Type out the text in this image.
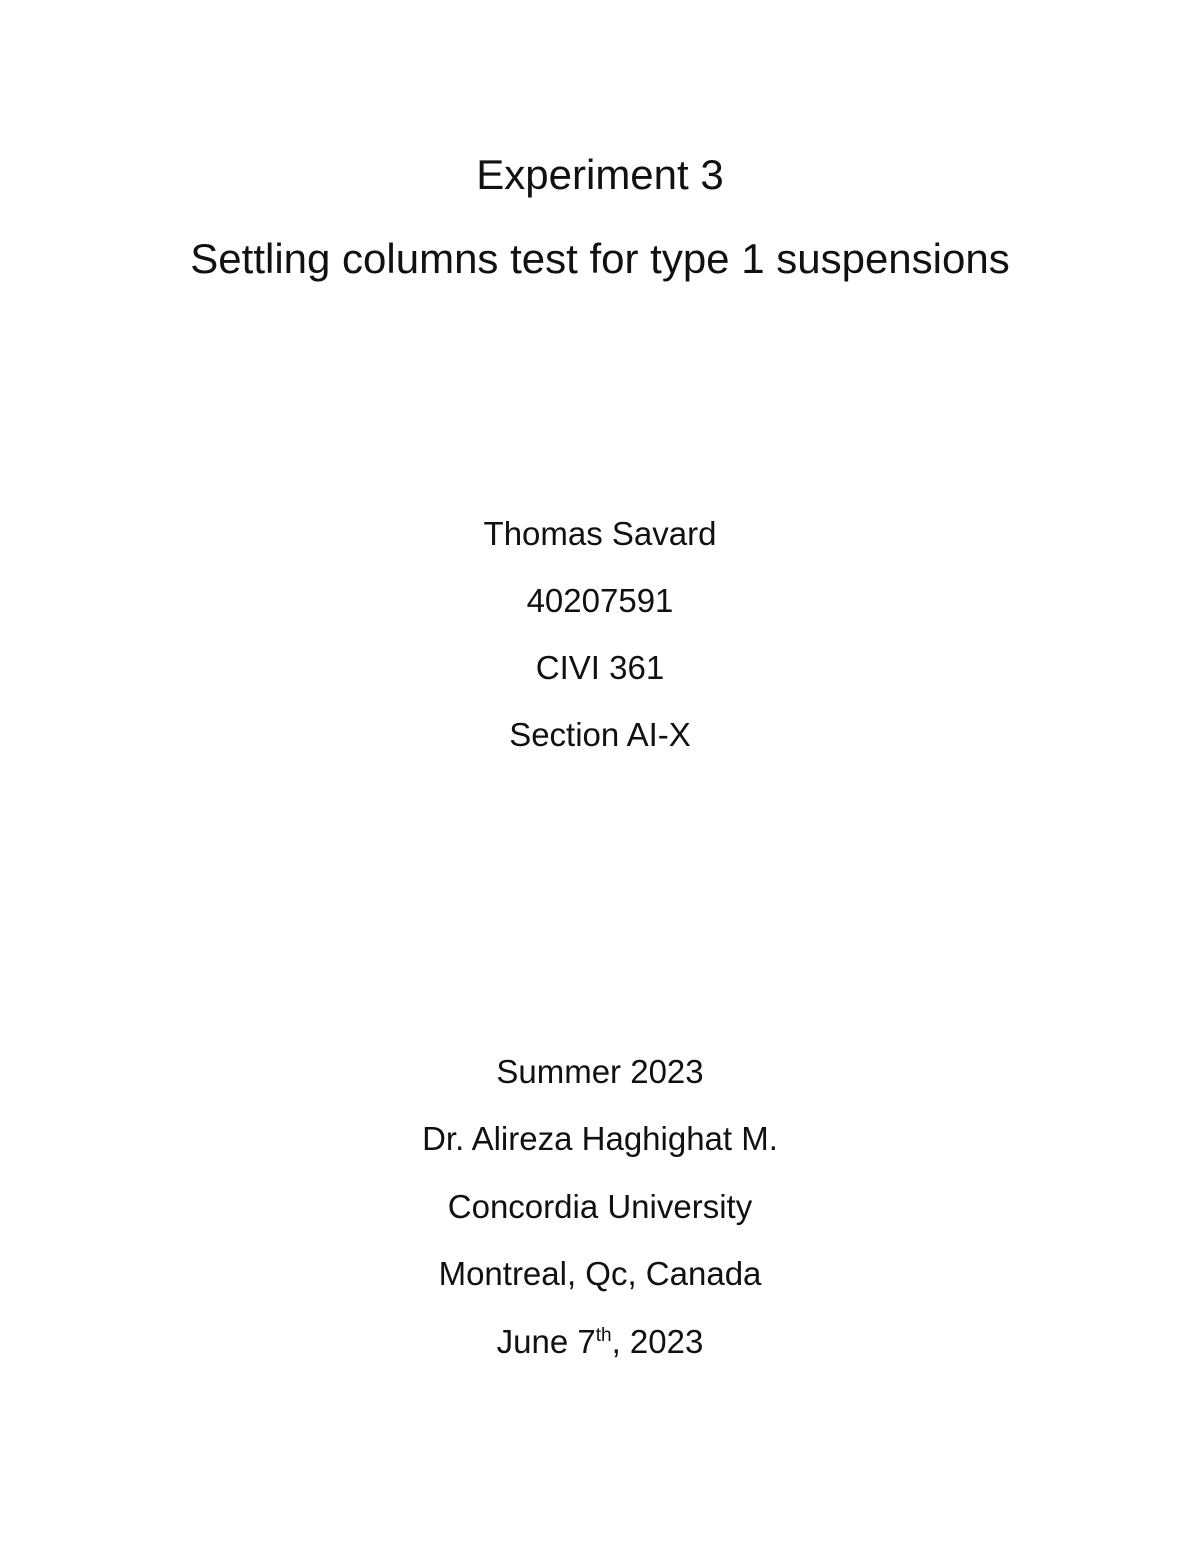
Experiment 3
Settling columns test for type 1 suspensions
Thomas Savard
40207591
CIVI 361
Section AI-X
Summer 2023
Dr. Alireza Haghighat M.
Concordia University
Montreal, Qc, Canada
June 7th, 2023
